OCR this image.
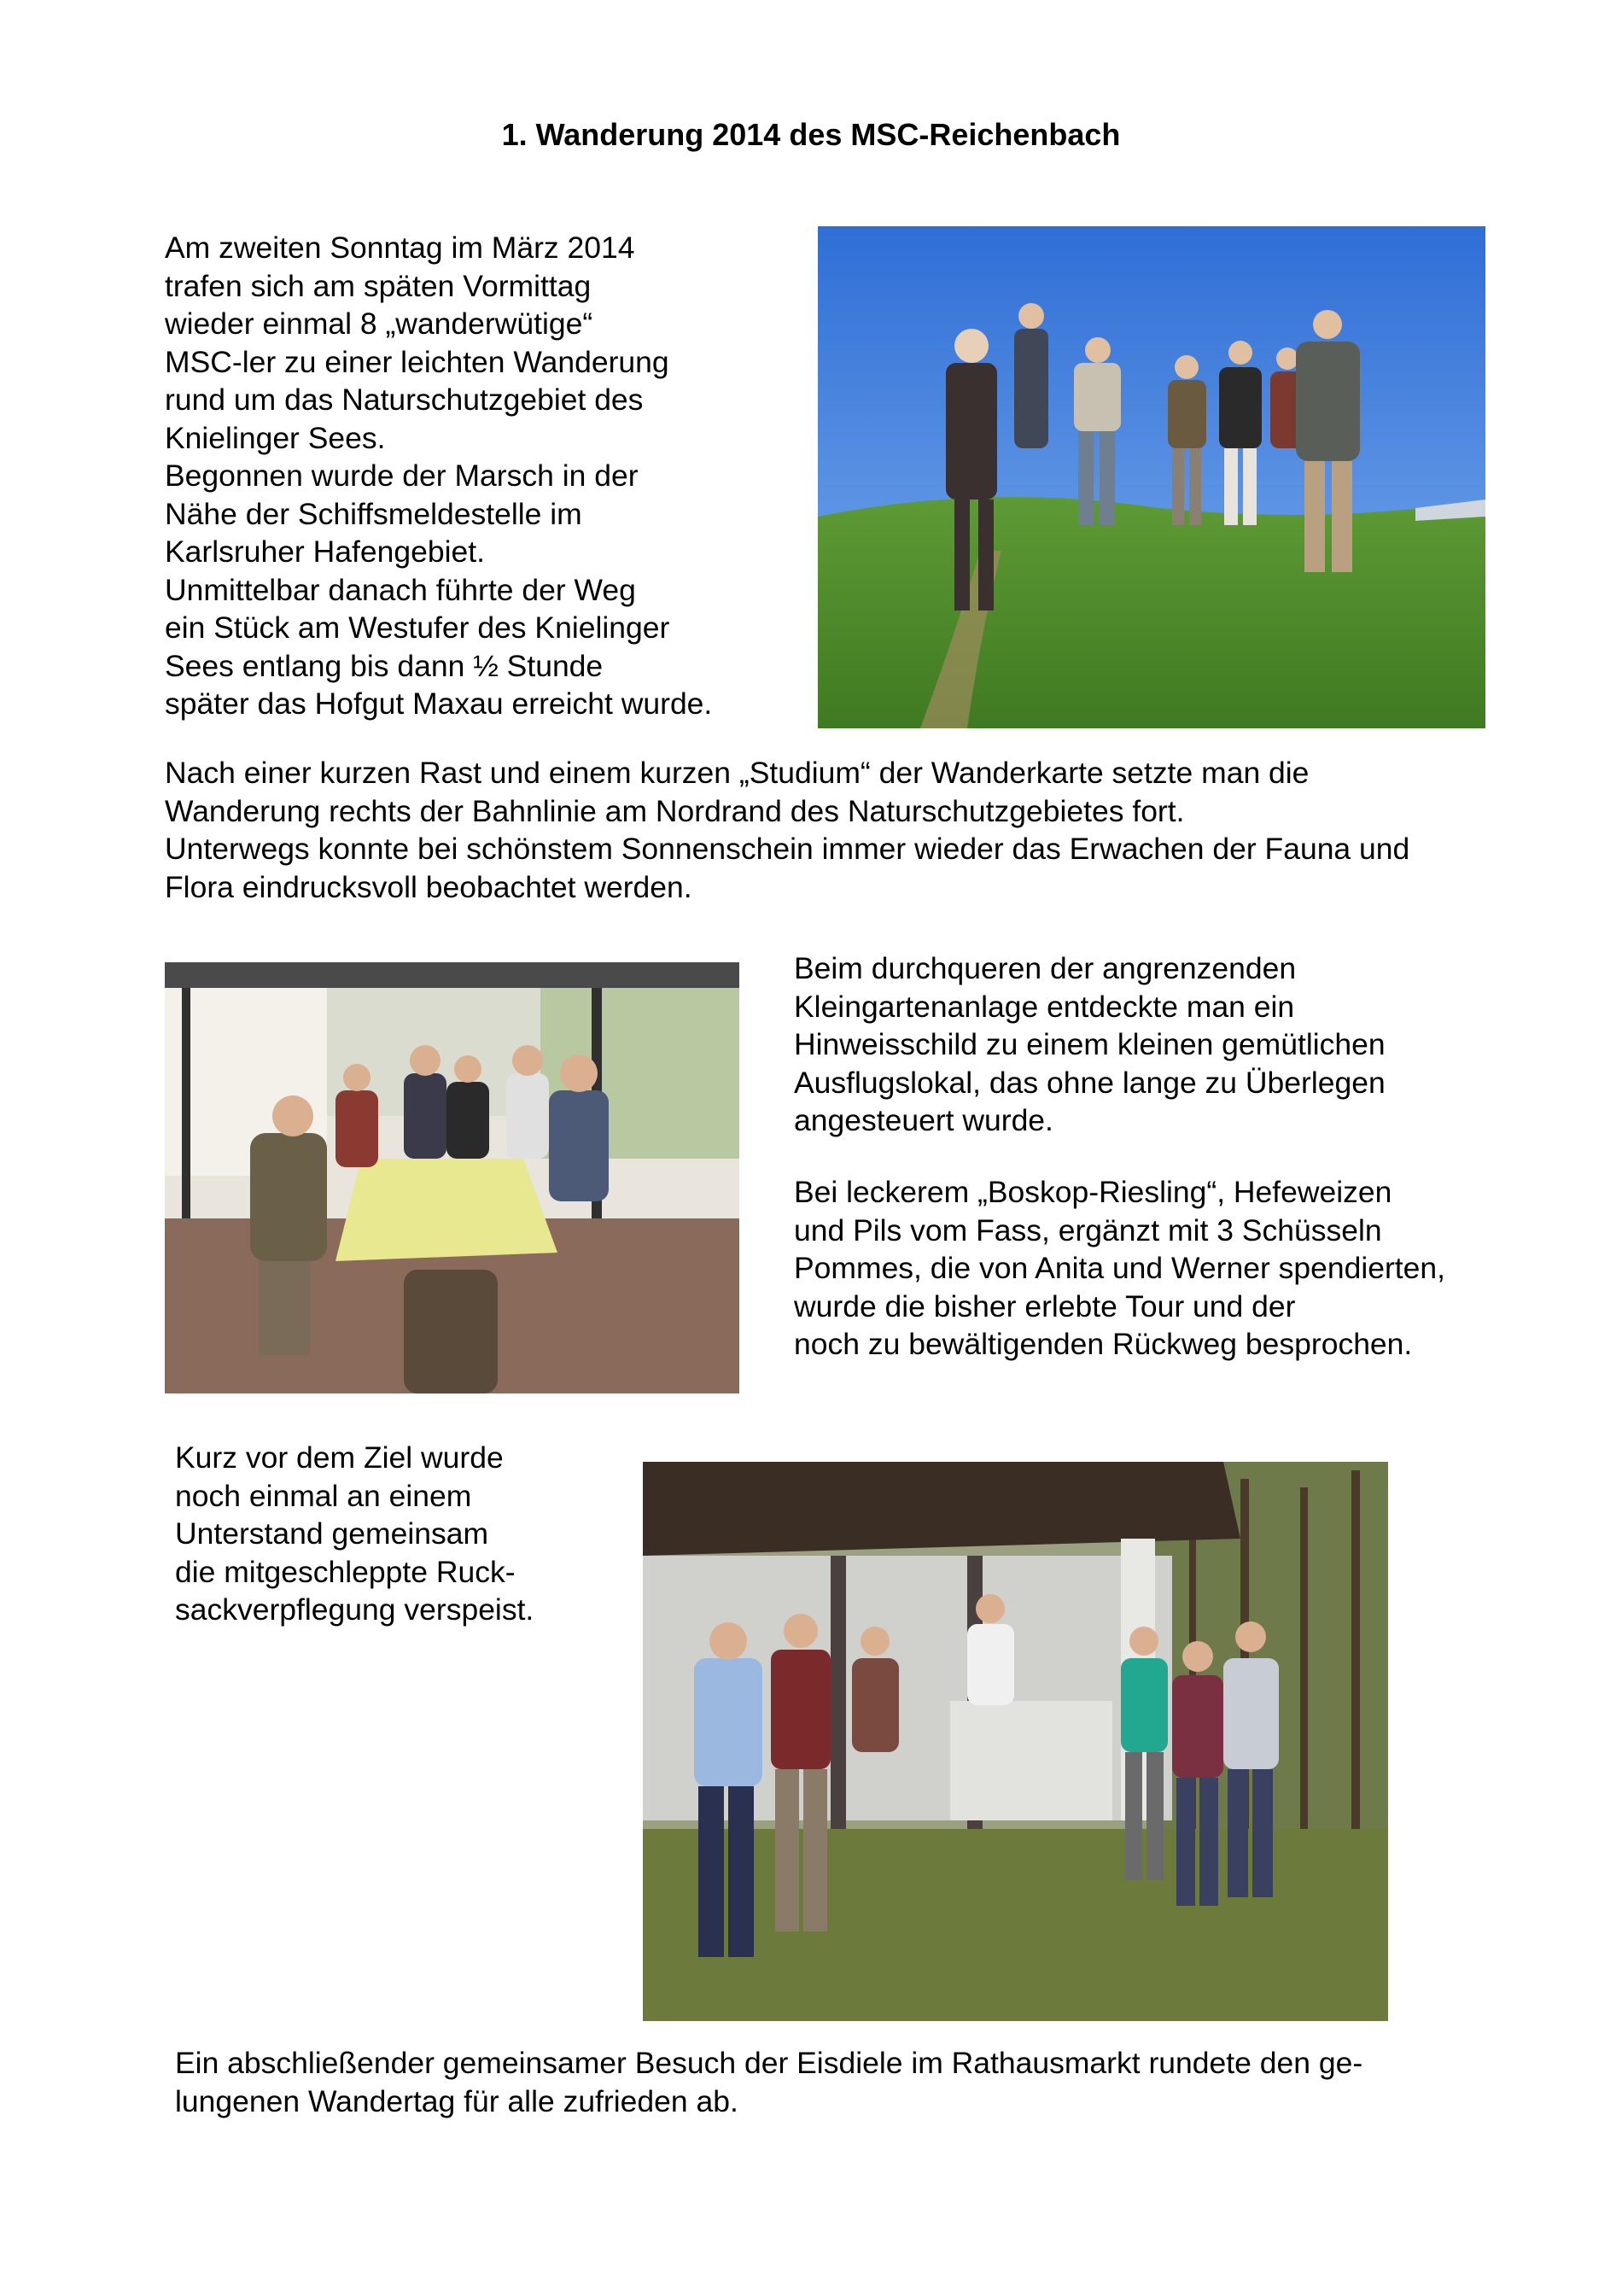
1. Wanderung 2014 des MSC-Reichenbach
Am zweiten Sonntag im März 2014
trafen sich am späten Vormittag
wieder einmal 8 „wanderwütige“
MSC-ler zu einer leichten Wanderung
rund um das Naturschutzgebiet des
Knielinger Sees.
Begonnen wurde der Marsch in der
Nähe der Schiffsmeldestelle im
Karlsruher Hafengebiet.
Unmittelbar danach führte der Weg
ein Stück am Westufer des Knielinger
Sees entlang bis dann ½ Stunde
später das Hofgut Maxau erreicht wurde.
Nach einer kurzen Rast und einem kurzen „Studium“ der Wanderkarte setzte man die
Wanderung rechts der Bahnlinie am Nordrand des Naturschutzgebietes fort.
Unterwegs konnte bei schönstem Sonnenschein immer wieder das Erwachen der Fauna und
Flora eindrucksvoll beobachtet werden.
Beim durchqueren der angrenzenden
Kleingartenanlage entdeckte man ein
Hinweisschild zu einem kleinen gemütlichen
Ausflugslokal, das ohne lange zu Überlegen
angesteuert wurde.
Bei leckerem „Boskop-Riesling“, Hefeweizen
und Pils vom Fass, ergänzt mit 3 Schüsseln
Pommes, die von Anita und Werner spendierten,
wurde die bisher erlebte Tour und der
noch zu bewältigenden Rückweg besprochen.
Kurz vor dem Ziel wurde
noch einmal an einem
Unterstand gemeinsam
die mitgeschleppte Ruck-
sackverpflegung verspeist.
Ein abschließender gemeinsamer Besuch der Eisdiele im Rathausmarkt rundete den ge-
lungenen Wandertag für alle zufrieden ab.
